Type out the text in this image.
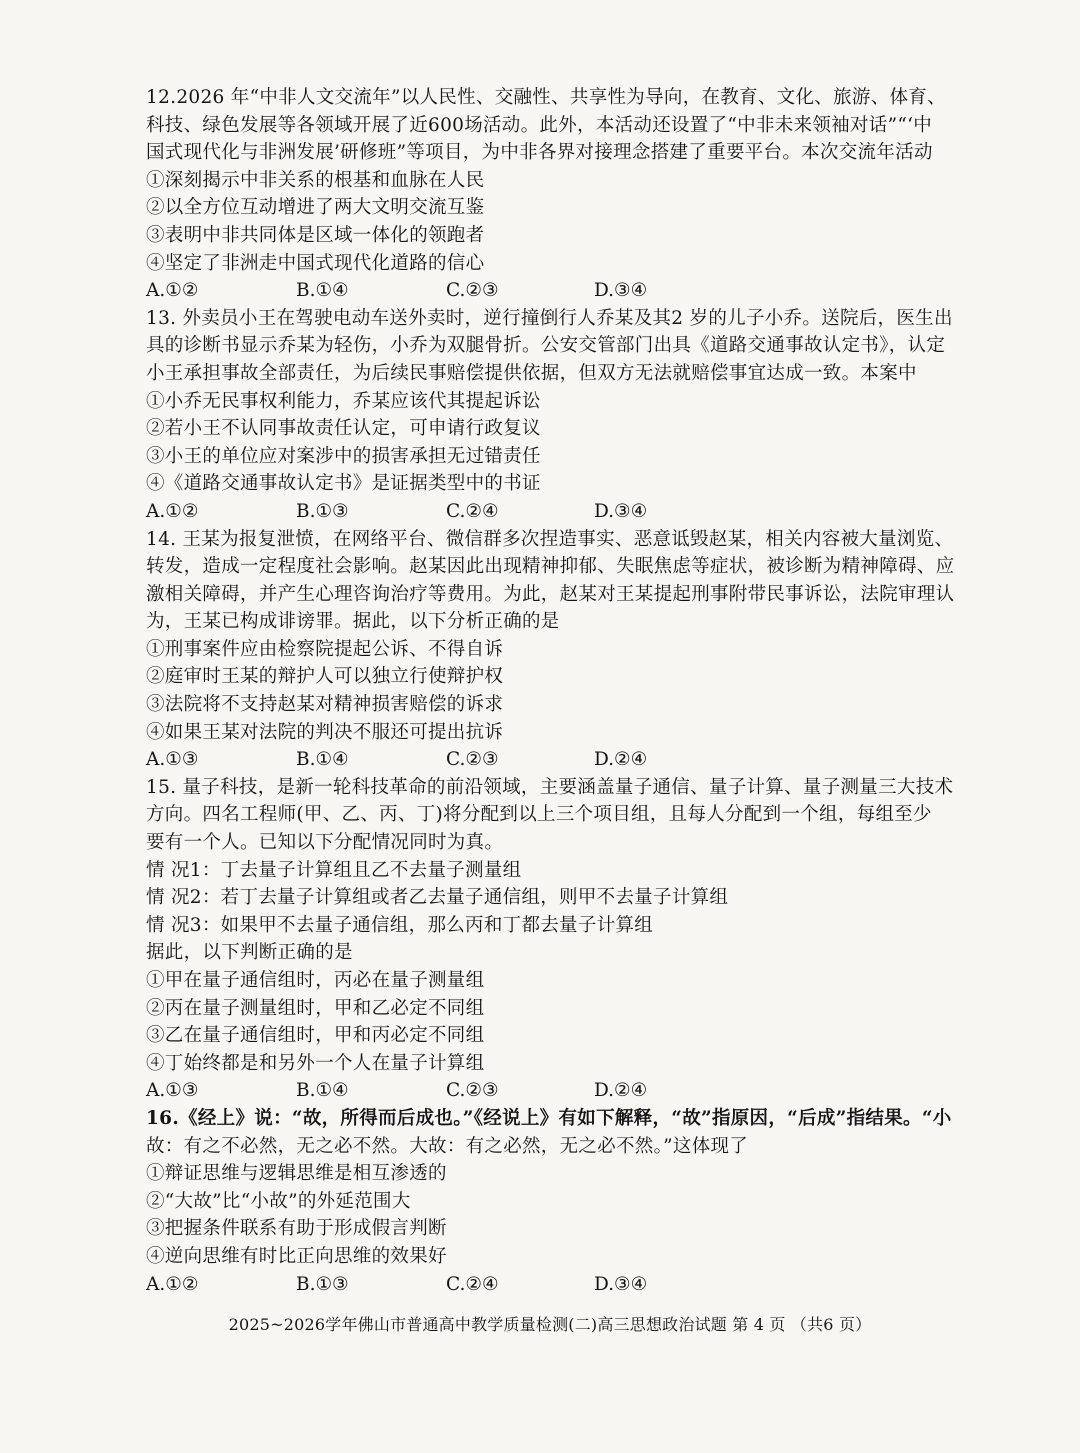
12.2026 年“中非人文交流年”以人民性、交融性、共享性为导向，在教育、文化、旅游、体育、
科技、绿色发展等各领域开展了近600场活动。此外，本活动还设置了“中非未来领袖对话”“‘中
国式现代化与非洲发展’研修班”等项目，为中非各界对接理念搭建了重要平台。本次交流年活动
①深刻揭示中非关系的根基和血脉在人民
②以全方位互动增进了两大文明交流互鉴
③表明中非共同体是区域一体化的领跑者
④坚定了非洲走中国式现代化道路的信心
A.①②	B.①④	C.②③	D.③④
13. 外卖员小王在驾驶电动车送外卖时，逆行撞倒行人乔某及其2 岁的儿子小乔。送院后，医生出
具的诊断书显示乔某为轻伤，小乔为双腿骨折。公安交管部门出具《道路交通事故认定书》，认定
小王承担事故全部责任，为后续民事赔偿提供依据，但双方无法就赔偿事宜达成一致。本案中
①小乔无民事权利能力，乔某应该代其提起诉讼
②若小王不认同事故责任认定，可申请行政复议
③小王的单位应对案涉中的损害承担无过错责任
④《道路交通事故认定书》是证据类型中的书证
A.①②	B.①③	C.②④	D.③④
14. 王某为报复泄愤，在网络平台、微信群多次捏造事实、恶意诋毁赵某，相关内容被大量浏览、
转发，造成一定程度社会影响。赵某因此出现精神抑郁、失眠焦虑等症状，被诊断为精神障碍、应
激相关障碍，并产生心理咨询治疗等费用。为此，赵某对王某提起刑事附带民事诉讼，法院审理认
为，王某已构成诽谤罪。据此，以下分析正确的是
①刑事案件应由检察院提起公诉、不得自诉
②庭审时王某的辩护人可以独立行使辩护权
③法院将不支持赵某对精神损害赔偿的诉求
④如果王某对法院的判决不服还可提出抗诉
A.①③	B.①④	C.②③	D.②④
15. 量子科技，是新一轮科技革命的前沿领域，主要涵盖量子通信、量子计算、量子测量三大技术
方向。四名工程师(甲、乙、丙、丁)将分配到以上三个项目组，且每人分配到一个组，每组至少
要有一个人。已知以下分配情况同时为真。
情 况1：丁去量子计算组且乙不去量子测量组
情 况2：若丁去量子计算组或者乙去量子通信组，则甲不去量子计算组
情 况3：如果甲不去量子通信组，那么丙和丁都去量子计算组
据此，以下判断正确的是
①甲在量子通信组时，丙必在量子测量组
②丙在量子测量组时，甲和乙必定不同组
③乙在量子通信组时，甲和丙必定不同组
④丁始终都是和另外一个人在量子计算组
A.①③	B.①④	C.②③	D.②④
16.《经上》说：“故，所得而后成也。”《经说上》有如下解释，“故”指原因，“后成”指结果。“小
故：有之不必然，无之必不然。大故：有之必然，无之必不然。”这体现了
①辩证思维与逻辑思维是相互渗透的
②“大故”比“小故”的外延范围大
③把握条件联系有助于形成假言判断
④逆向思维有时比正向思维的效果好
A.①②	B.①③	C.②④	D.③④
2025~2026学年佛山市普通高中教学质量检测(二)高三思想政治试题 第 4 页 （共6 页）
